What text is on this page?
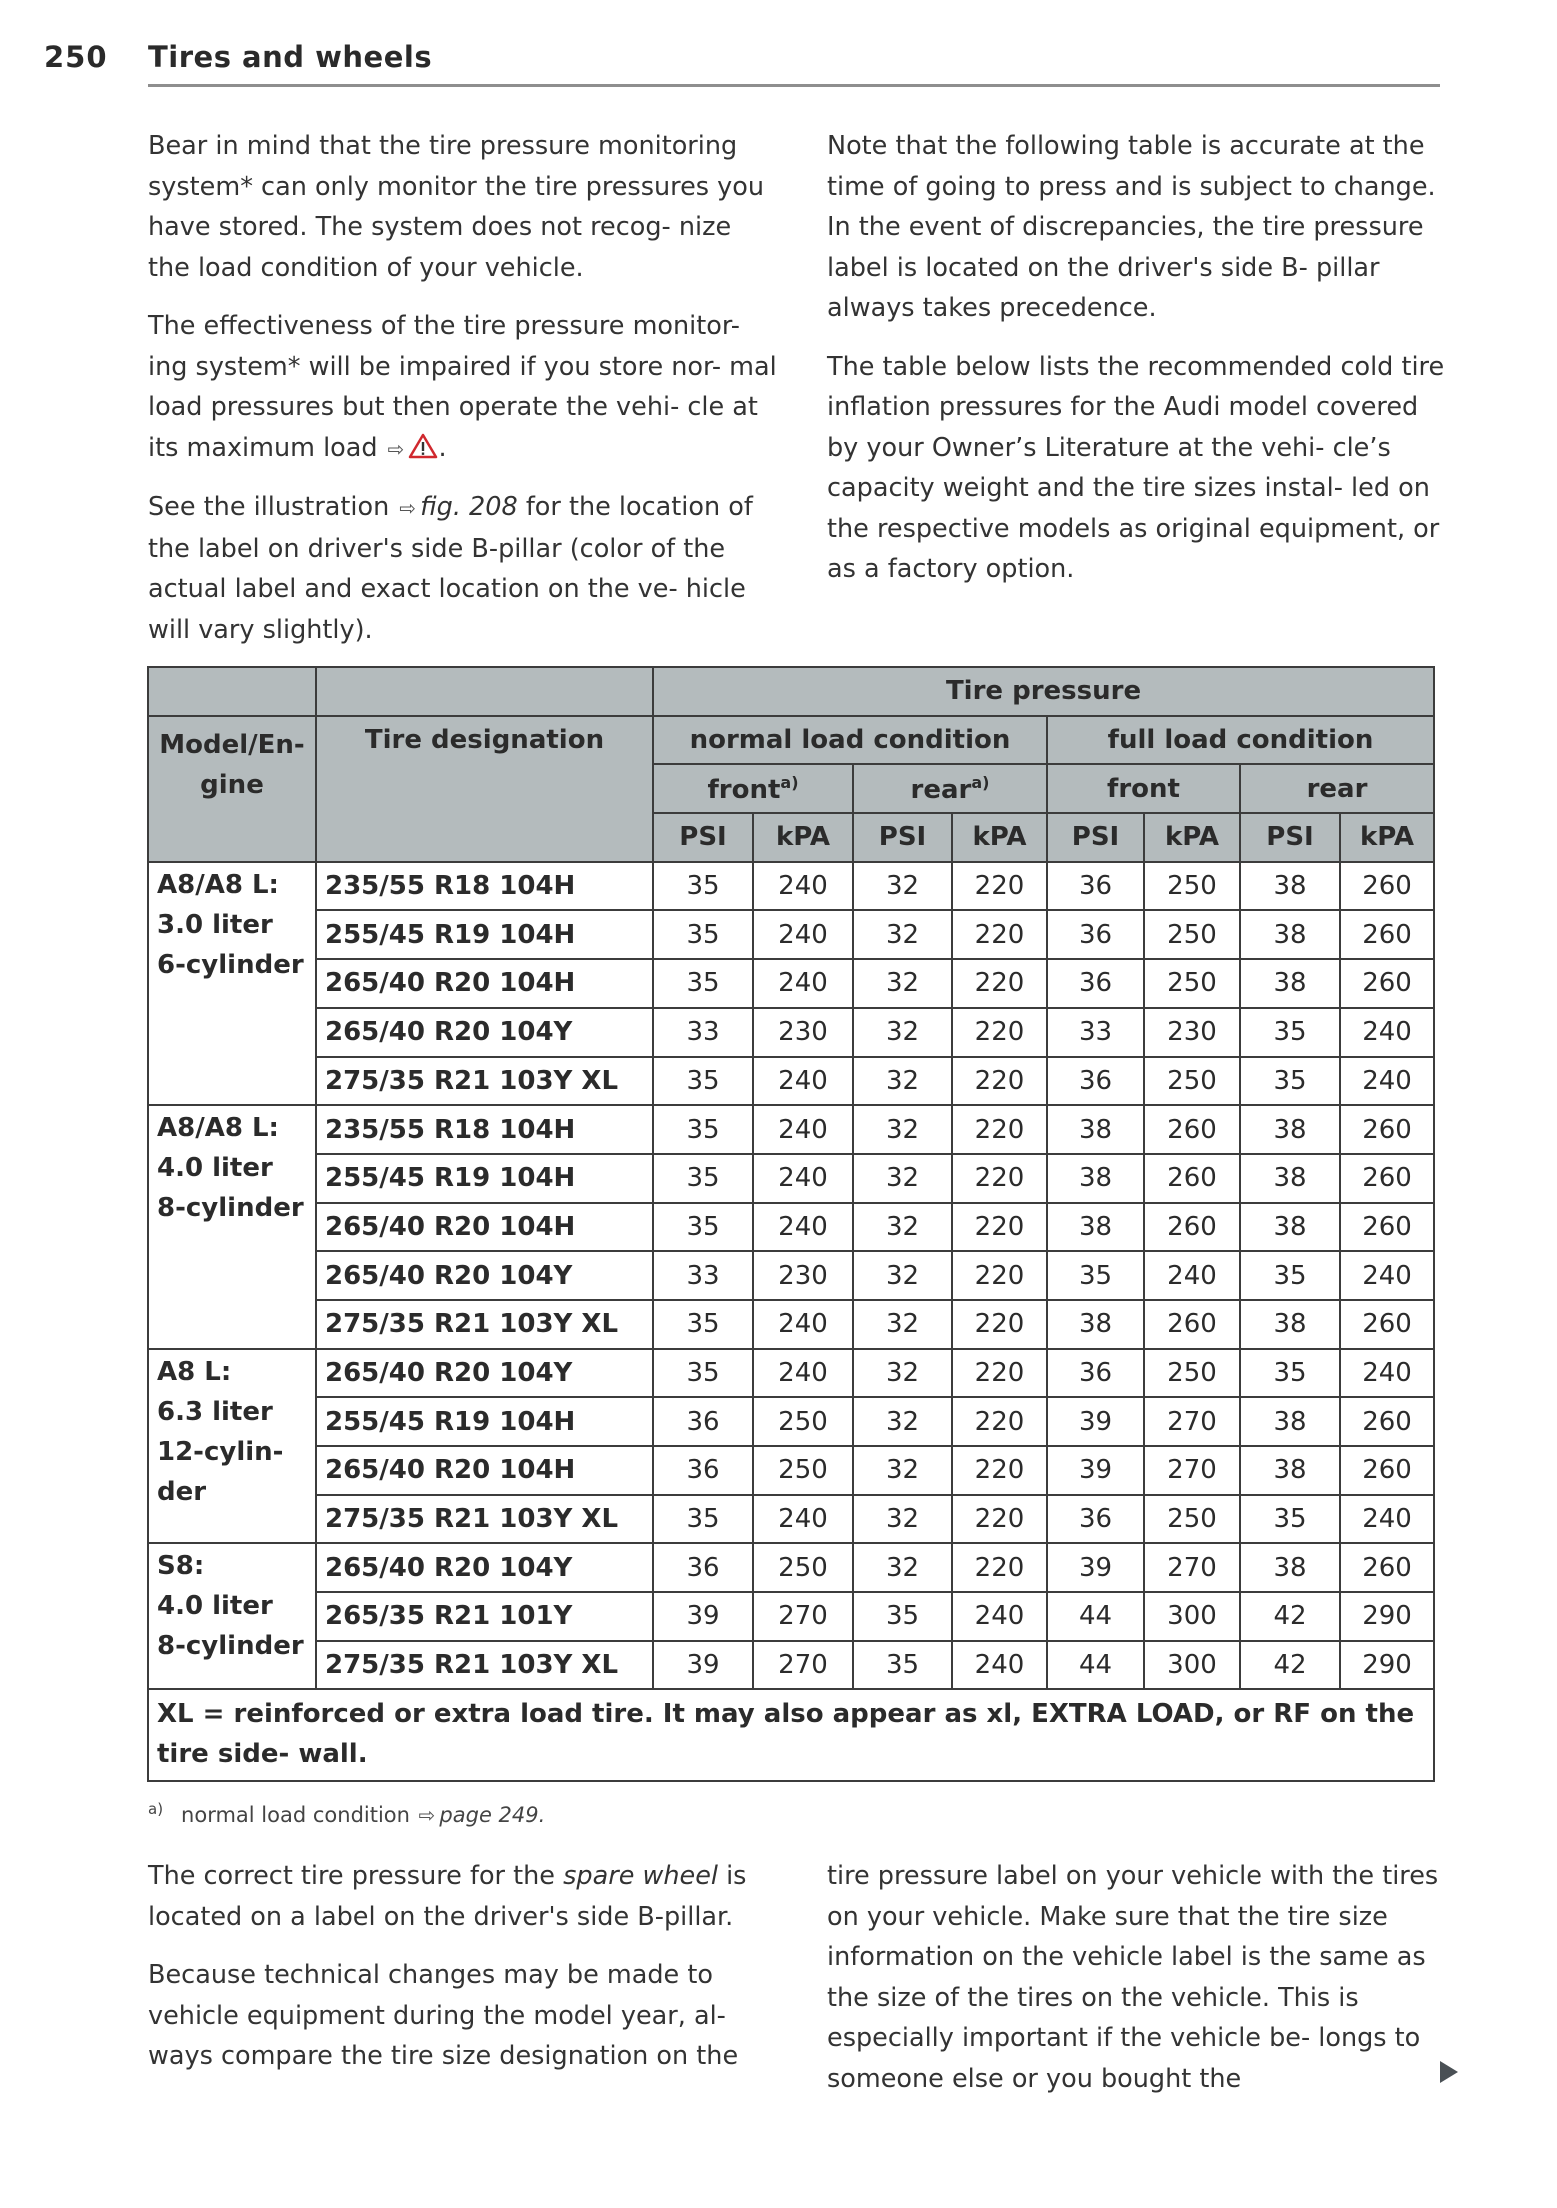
250 Tires and wheels

Bear in mind that the tire pressure monitoring system* can only monitor the tire pressures you have stored. The system does not recog- nize the load condition of your vehicle.

The effectiveness of the tire pressure monitor- ing system* will be impaired if you store nor- mal load pressures but then operate the vehi- cle at its maximum load ⇨ .

See the illustration ⇨ fig. 208 for the location of the label on driver's side B-pillar (color of the actual label and exact location on the ve- hicle will vary slightly).

Note that the following table is accurate at the time of going to press and is subject to change. In the event of discrepancies, the tire pressure label is located on the driver's side B- pillar always takes precedence.

The table below lists the recommended cold tire inflation pressures for the Audi model covered by your Owner’s Literature at the vehi- cle’s capacity weight and the tire sizes instal- led on the respective models as original equipment, or as a factory option.

		Tire pressure							
Model/En- gine	Tire designation	normal load condition				full load condition			
		front$^{a)}$		rear$^{a)}$		front		rear	
		PSI	kPA	PSI	kPA	PSI	kPA	PSI	kPA

A8/A8 L:
3.0 liter
6-cylinder	235/55 R18 104H	35	240	32	220	36	250	38	260
	255/45 R19 104H	35	240	32	220	36	250	38	260
	265/40 R20 104H	35	240	32	220	36	250	38	260
	265/40 R20 104Y	33	230	32	220	33	230	35	240
	275/35 R21 103Y XL	35	240	32	220	36	250	35	240

A8/A8 L:
4.0 liter
8-cylinder	235/55 R18 104H	35	240	32	220	38	260	38	260
	255/45 R19 104H	35	240	32	220	38	260	38	260
	265/40 R20 104H	35	240	32	220	38	260	38	260
	265/40 R20 104Y	33	230	32	220	35	240	35	240
	275/35 R21 103Y XL	35	240	32	220	38	260	38	260

A8 L:
6.3 liter
12-cylin-
der	265/40 R20 104Y	35	240	32	220	36	250	35	240
	255/45 R19 104H	36	250	32	220	39	270	38	260
	265/40 R20 104H	36	250	32	220	39	270	38	260
	275/35 R21 103Y XL	35	240	32	220	36	250	35	240

S8:
4.0 liter
8-cylinder	265/40 R20 104Y	36	250	32	220	39	270	38	260
	265/35 R21 101Y	39	270	35	240	44	300	42	290
	275/35 R21 103Y XL	39	270	35	240	44	300	42	290
XL = reinforced or extra load tire. It may also appear as xl, EXTRA LOAD, or RF on the tire side- wall.									
$^{a)}$ normal load condition ⇨ page 249.

The correct tire pressure for the spare wheel is located on a label on the driver's side B-pillar.

Because technical changes may be made to vehicle equipment during the model year, al- ways compare the tire size designation on the

tire pressure label on your vehicle with the tires on your vehicle. Make sure that the tire size information on the vehicle label is the same as the size of the tires on the vehicle. This is especially important if the vehicle be- longs to someone else or you bought the
